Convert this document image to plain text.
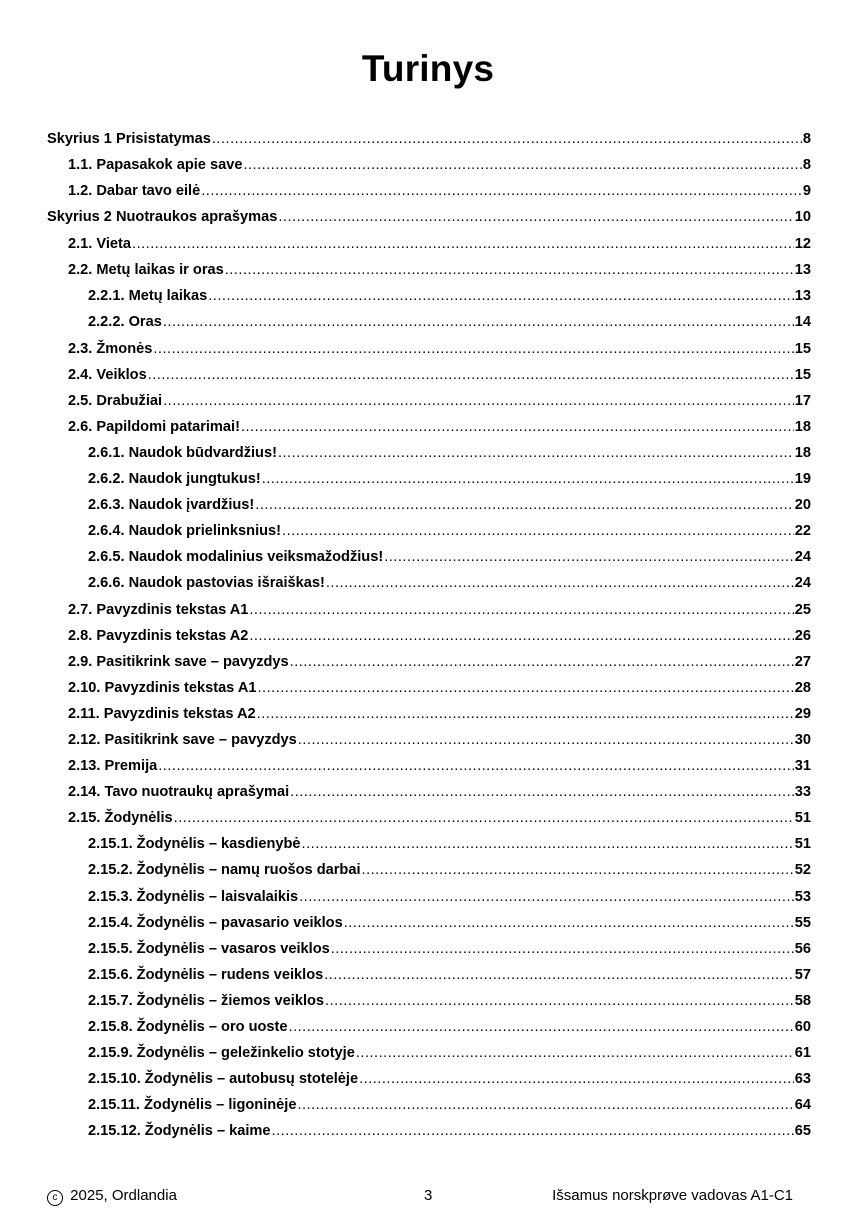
Turinys
Skyrius 1 Prisistatymas .....	8
1.1. Papasakok apie save .....	8
1.2. Dabar tavo eilė .....	9
Skyrius 2 Nuotraukos aprašymas .....	10
2.1. Vieta .....	12
2.2. Metų laikas ir oras .....	13
2.2.1. Metų laikas .....	13
2.2.2. Oras .....	14
2.3. Žmonės .....	15
2.4. Veiklos .....	15
2.5. Drabužiai .....	17
2.6. Papildomi patarimai! .....	18
2.6.1. Naudok būdvardžius! .....	18
2.6.2. Naudok jungtukus! .....	19
2.6.3. Naudok įvardžius! .....	20
2.6.4. Naudok prielinksnius! .....	22
2.6.5. Naudok modalinius veiksmažodžius! .....	24
2.6.6. Naudok pastovias išraiškas! .....	24
2.7. Pavyzdinis tekstas A1 .....	25
2.8. Pavyzdinis tekstas A2 .....	26
2.9. Pasitikrink save – pavyzdys .....	27
2.10. Pavyzdinis tekstas A1 .....	28
2.11. Pavyzdinis tekstas A2 .....	29
2.12. Pasitikrink save – pavyzdys .....	30
2.13. Premija .....	31
2.14. Tavo nuotraukų aprašymai .....	33
2.15. Žodynėlis .....	51
2.15.1. Žodynėlis – kasdienybė .....	51
2.15.2. Žodynėlis – namų ruošos darbai .....	52
2.15.3. Žodynėlis – laisvalaikis .....	53
2.15.4. Žodynėlis – pavasario veiklos .....	55
2.15.5. Žodynėlis – vasaros veiklos .....	56
2.15.6. Žodynėlis – rudens veiklos .....	57
2.15.7. Žodynėlis – žiemos veiklos .....	58
2.15.8. Žodynėlis – oro uoste .....	60
2.15.9. Žodynėlis – geležinkelio stotyje .....	61
2.15.10. Žodynėlis – autobusų stotelėje .....	63
2.15.11. Žodynėlis – ligoninėje .....	64
2.15.12. Žodynėlis – kaime .....	65
c 2025, Ordlandia	3	Išsamus norskprøve vadovas A1-C1
